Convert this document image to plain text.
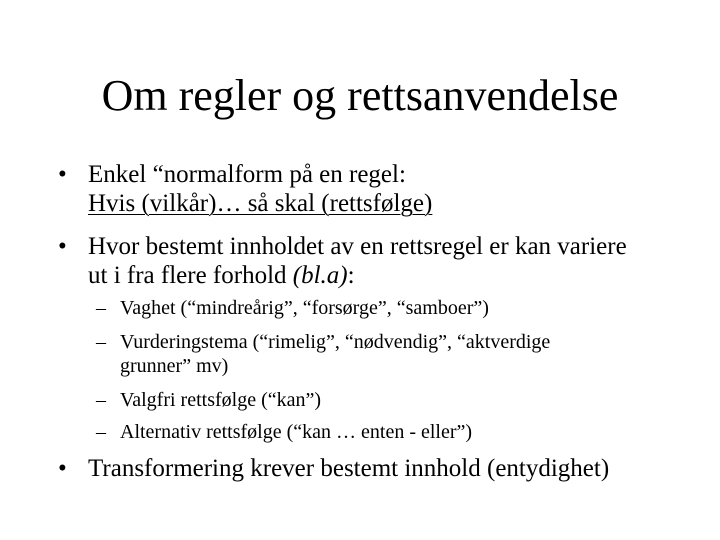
Om regler og rettsanvendelse
• Enkel “normalform på en regel:
Hvis (vilkår)… så skal (rettsfølge)
• Hvor bestemt innholdet av en rettsregel er kan variere
ut i fra flere forhold (bl.a):
– Vaghet (“mindreårig”, “forsørge”, “samboer”)
– Vurderingstema (“rimelig”, “nødvendig”, “aktverdige
grunner” mv)
– Valgfri rettsfølge (“kan”)
– Alternativ rettsfølge (“kan … enten - eller”)
• Transformering krever bestemt innhold (entydighet)
